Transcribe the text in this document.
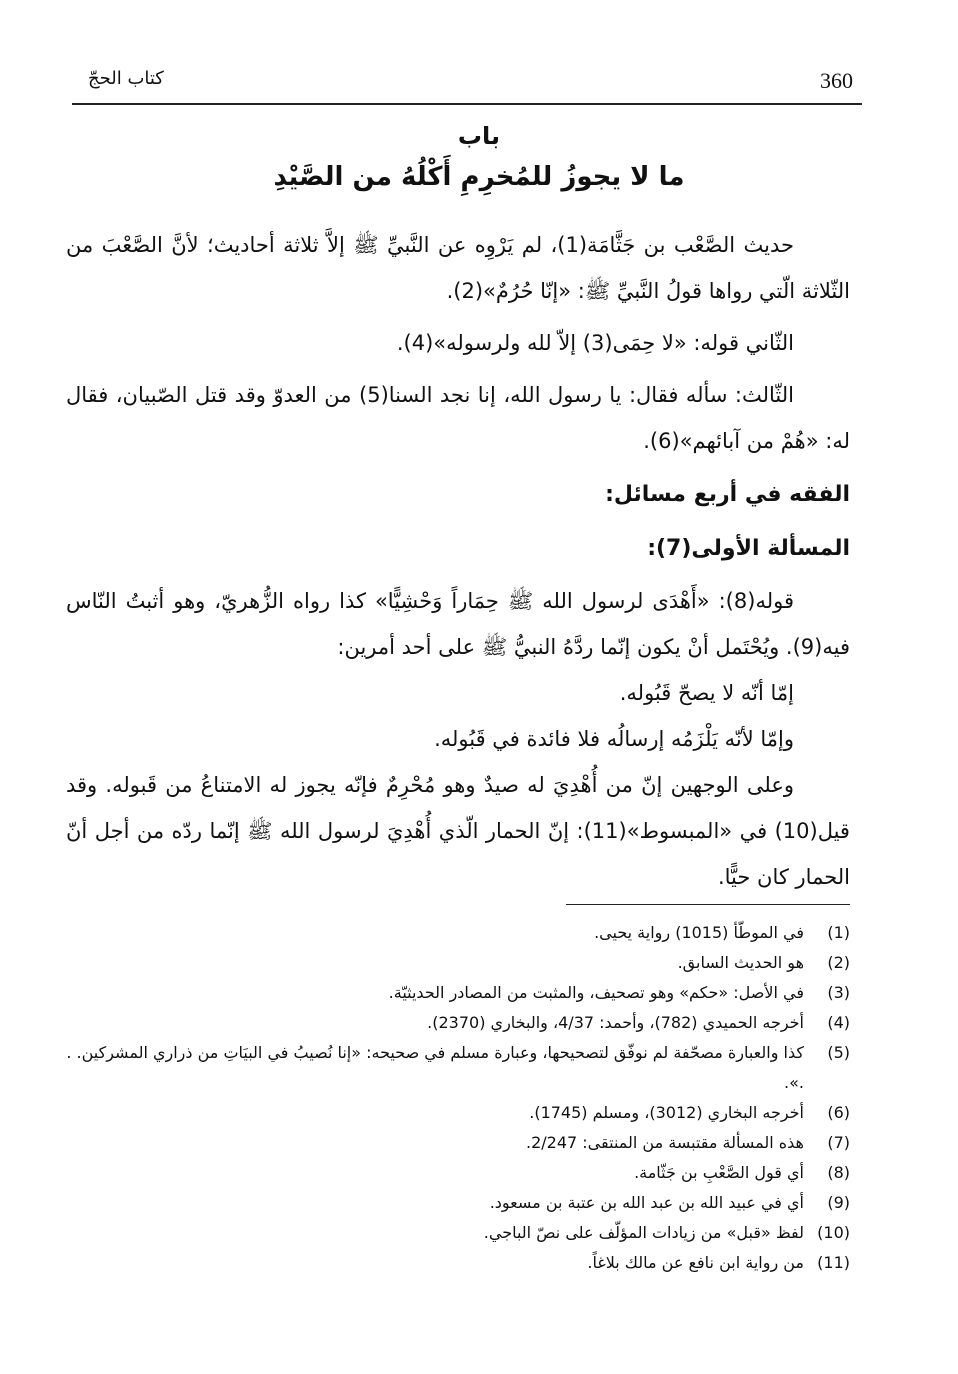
360
كتاب الحجّ
باب
ما لا يجوزُ للمُخرِمِ أَكْلُهُ من الصَّيْدِ

حديث الصَّعْب بن جَثَّامَة(1)، لم يَرْوِه عن النَّبيِّ ﷺ إلاَّ ثلاثة أحاديث؛ لأنَّ الصَّعْبَ من الثّلاثة الّتي رواها قولُ النَّبيِّ ﷺ: «إنّا حُرُمٌ»(2).

الثّاني قوله: «لا حِمَى(3) إلاّ لله ولرسوله»(4).

الثّالث: سأله فقال: يا رسول الله، إنا نجد السنا(5) من العدوّ وقد قتل الصّبيان، فقال له: «هُمْ من آبائهم»(6).

الفقه في أربع مسائل:

المسألة الأولى(7):

قوله(8): «أَهْدَى لرسول الله ﷺ حِمَاراً وَحْشِيًّا» كذا رواه الزُّهريّ، وهو أثبتُ النّاس فيه(9). ويُحْتَمل أنْ يكون إنّما ردَّهُ النبيُّ ﷺ على أحد أمرين:

إمّا أنّه لا يصحّ قَبُوله.

وإمّا لأنّه يَلْزَمُه إرسالُه فلا فائدة في قَبُوله.

وعلى الوجهين إنّ من أُهْدِيَ له صيدٌ وهو مُحْرِمٌ فإنّه يجوز له الامتناعُ من قَبوله. وقد قيل(10) في «المبسوط»(11): إنّ الحمار الّذي أُهْدِيَ لرسول الله ﷺ إنّما ردّه من أجل أنّ الحمار كان حيًّا.

(1)
في الموطّأ (1015) رواية يحيى.
(2)
هو الحديث السابق.
(3)
في الأصل: «حكم» وهو تصحيف، والمثبت من المصادر الحديثيّة.
(4)
أخرجه الحميدي (782)، وأحمد: 4/37، والبخاري (2370).
(5)
كذا والعبارة مصحّفة لم نوفّق لتصحيحها، وعبارة مسلم في صحيحه: «إنا نُصيبُ في البيَاتِ من ذراري المشركين. . .».
(6)
أخرجه البخاري (3012)، ومسلم (1745).
(7)
هذه المسألة مقتبسة من المنتقى: 2/247.
(8)
أي قول الصَّعْبِ بن جَثّامة.
(9)
أي في عبيد الله بن عبد الله بن عتبة بن مسعود.
(10)
لفظ «قبل» من زيادات المؤلّف على نصّ الباجي.
(11)
من رواية ابن نافع عن مالك بلاغاً.
